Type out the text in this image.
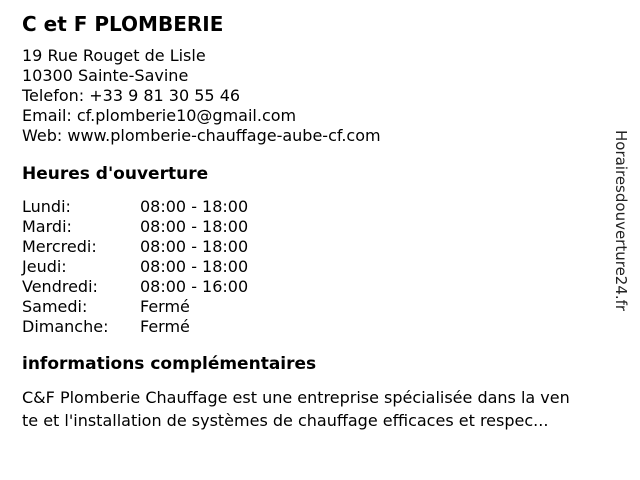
C et F PLOMBERIE
19 Rue Rouget de Lisle
10300 Sainte-Savine
Telefon: +33 9 81 30 55 46
Email: cf.plomberie10@gmail.com
Web: www.plomberie-chauffage-aube-cf.com
Heures d'ouverture
Lundi:	08:00 - 18:00
Mardi:	08:00 - 18:00
Mercredi:	08:00 - 18:00
Jeudi:	08:00 - 18:00
Vendredi:	08:00 - 16:00
Samedi:	Fermé
Dimanche: Fermé
informations complémentaires
C&F Plomberie Chauffage est une entreprise spécialisée dans la ven
te et l'installation de systèmes de chauffage efficaces et respec...
Horairesdouverture24.fr
